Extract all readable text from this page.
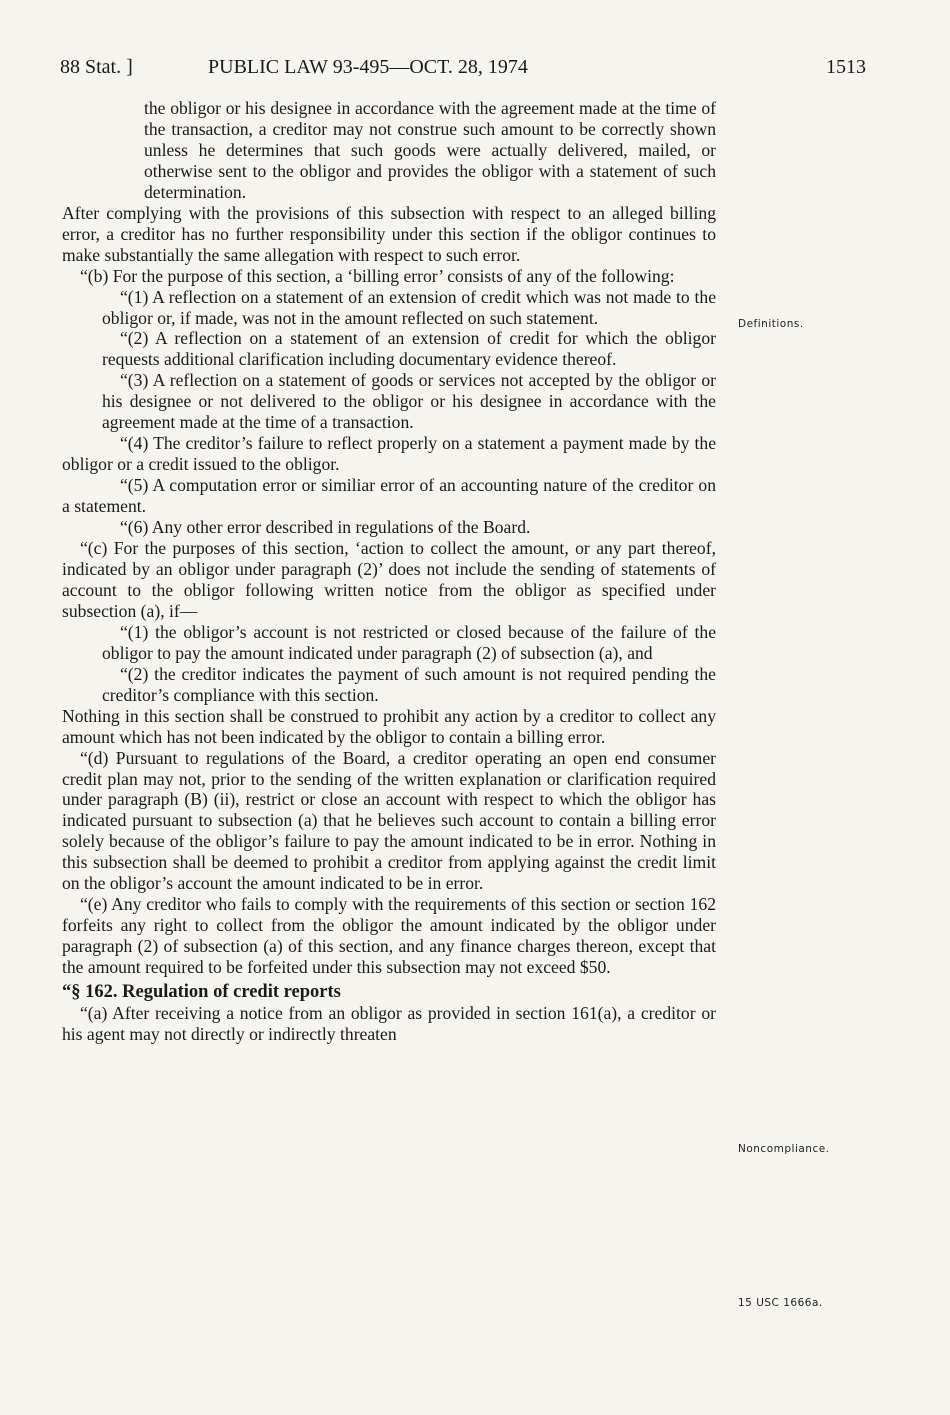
88 Stat. ]	PUBLIC LAW 93-495—OCT. 28, 1974	1513

the obligor or his designee in accordance with the agreement made at the time of the transaction, a creditor may not construe such amount to be correctly shown unless he determines that such goods were actually delivered, mailed, or otherwise sent to the obligor and provides the obligor with a statement of such determination.

After complying with the provisions of this subsection with respect to an alleged billing error, a creditor has no further responsibility under this section if the obligor continues to make substantially the same allegation with respect to such error.

“(b) For the purpose of this section, a ‘billing error’ consists of any of the following:

“(1) A reflection on a statement of an extension of credit which was not made to the obligor or, if made, was not in the amount reflected on such statement.

“(2) A reflection on a statement of an extension of credit for which the obligor requests additional clarification including documentary evidence thereof.

“(3) A reflection on a statement of goods or services not accepted by the obligor or his designee or not delivered to the obligor or his designee in accordance with the agreement made at the time of a transaction.

“(4) The creditor’s failure to reflect properly on a statement a payment made by the obligor or a credit issued to the obligor.

“(5) A computation error or similiar error of an accounting nature of the creditor on a statement.

“(6) Any other error described in regulations of the Board.

“(c) For the purposes of this section, ‘action to collect the amount, or any part thereof, indicated by an obligor under paragraph (2)’ does not include the sending of statements of account to the obligor following written notice from the obligor as specified under subsection (a), if—

“(1) the obligor’s account is not restricted or closed because of the failure of the obligor to pay the amount indicated under paragraph (2) of subsection (a), and

“(2) the creditor indicates the payment of such amount is not required pending the creditor’s compliance with this section.

Nothing in this section shall be construed to prohibit any action by a creditor to collect any amount which has not been indicated by the obligor to contain a billing error.

“(d) Pursuant to regulations of the Board, a creditor operating an open end consumer credit plan may not, prior to the sending of the written explanation or clarification required under paragraph (B) (ii), restrict or close an account with respect to which the obligor has indicated pursuant to subsection (a) that he believes such account to contain a billing error solely because of the obligor’s failure to pay the amount indicated to be in error. Nothing in this subsection shall be deemed to prohibit a creditor from applying against the credit limit on the obligor’s account the amount indicated to be in error.

“(e) Any creditor who fails to comply with the requirements of this section or section 162 forfeits any right to collect from the obligor the amount indicated by the obligor under paragraph (2) of subsection (a) of this section, and any finance charges thereon, except that the amount required to be forfeited under this subsection may not exceed $50.

“§ 162. Regulation of credit reports

“(a) After receiving a notice from an obligor as provided in section 161(a), a creditor or his agent may not directly or indirectly threaten

Definitions.
Noncompliance.
15 USC 1666a.
